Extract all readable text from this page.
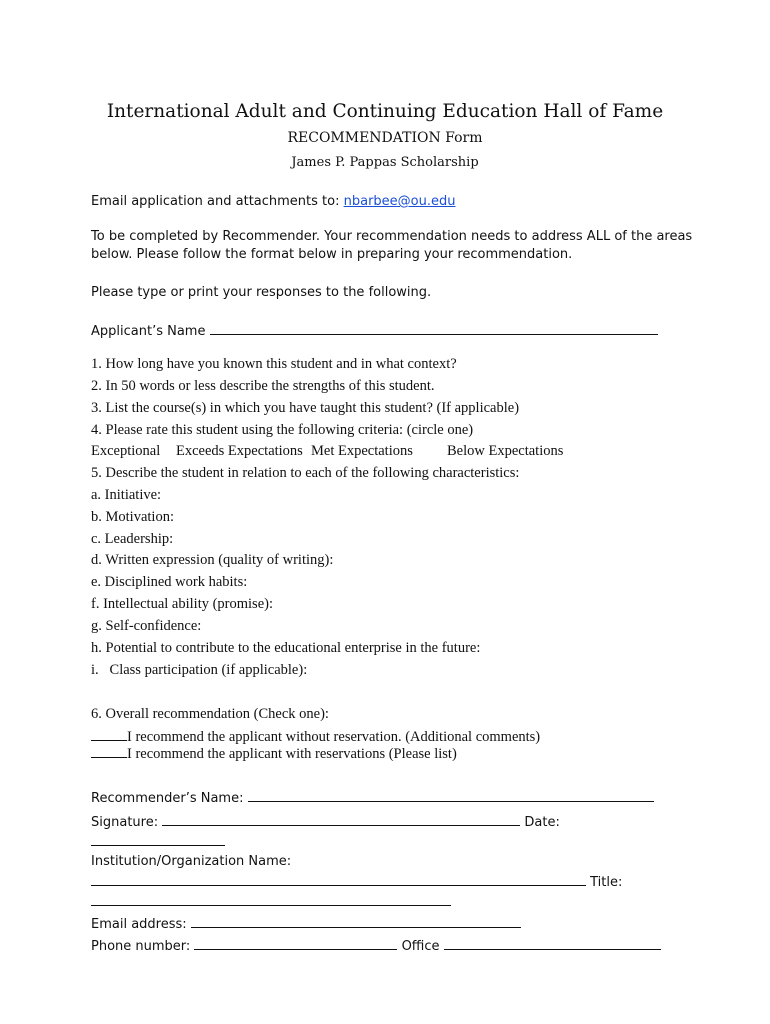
International Adult and Continuing Education Hall of Fame
RECOMMENDATION Form
James P. Pappas Scholarship
Email application and attachments to: nbarbee@ou.edu
To be completed by Recommender. Your recommendation needs to address ALL of the areas
below. Please follow the format below in preparing your recommendation.
Please type or print your responses to the following.
Applicant’s Name
1. How long have you known this student and in what context?
2. In 50 words or less describe the strengths of this student.
3. List the course(s) in which you have taught this student? (If applicable)
4. Please rate this student using the following criteria: (circle one)
Exceptional Exceeds Expectations Met Expectations Below Expectations
5. Describe the student in relation to each of the following characteristics:
a. Initiative:
b. Motivation:
c. Leadership:
d. Written expression (quality of writing):
e. Disciplined work habits:
f. Intellectual ability (promise):
g. Self-confidence:
h. Potential to contribute to the educational enterprise in the future:
i.   Class participation (if applicable):
6. Overall recommendation (Check one):
I recommend the applicant without reservation. (Additional comments)
I recommend the applicant with reservations (Please list)
Recommender’s Name:
Signature:	Date:
Institution/Organization Name:
Title:
Email address:
Phone number:	Office
